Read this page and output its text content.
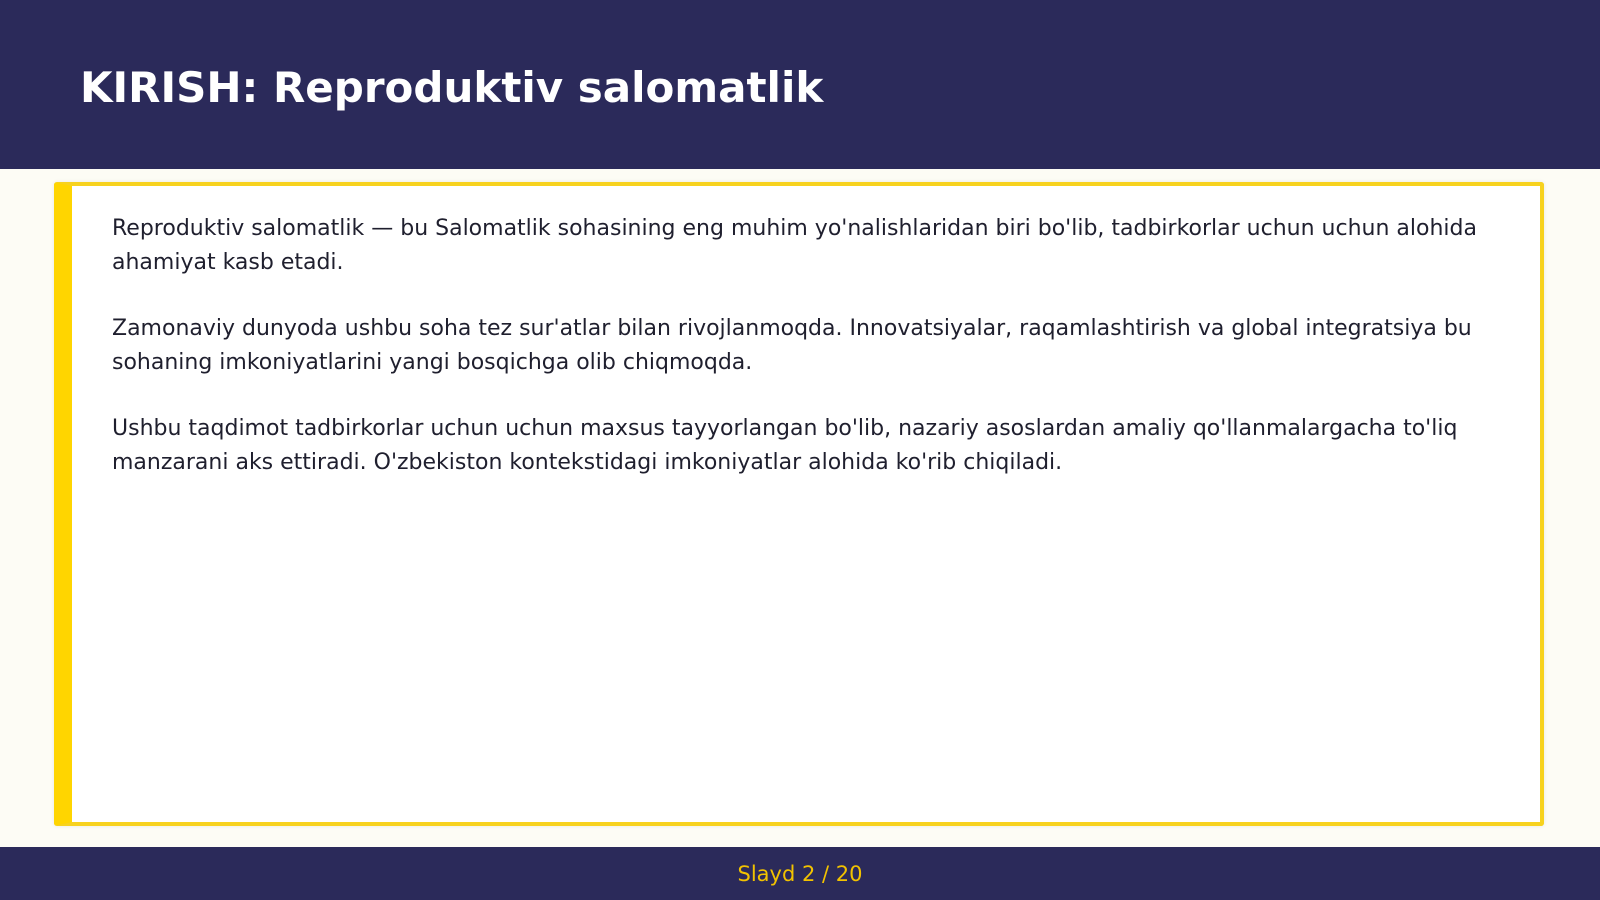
KIRISH: Reproduktiv salomatlik

Reproduktiv salomatlik — bu Salomatlik sohasining eng muhim yo'nalishlaridan biri bo'lib, tadbirkorlar uchun uchun alohida ahamiyat kasb etadi.

Zamonaviy dunyoda ushbu soha tez sur'atlar bilan rivojlanmoqda. Innovatsiyalar, raqamlashtirish va global integratsiya bu sohaning imkoniyatlarini yangi bosqichga olib chiqmoqda.

Ushbu taqdimot tadbirkorlar uchun uchun maxsus tayyorlangan bo'lib, nazariy asoslardan amaliy qo'llanmalargacha to'liq manzarani aks ettiradi. O'zbekiston kontekstidagi imkoniyatlar alohida ko'rib chiqiladi.

Slayd 2 / 20
